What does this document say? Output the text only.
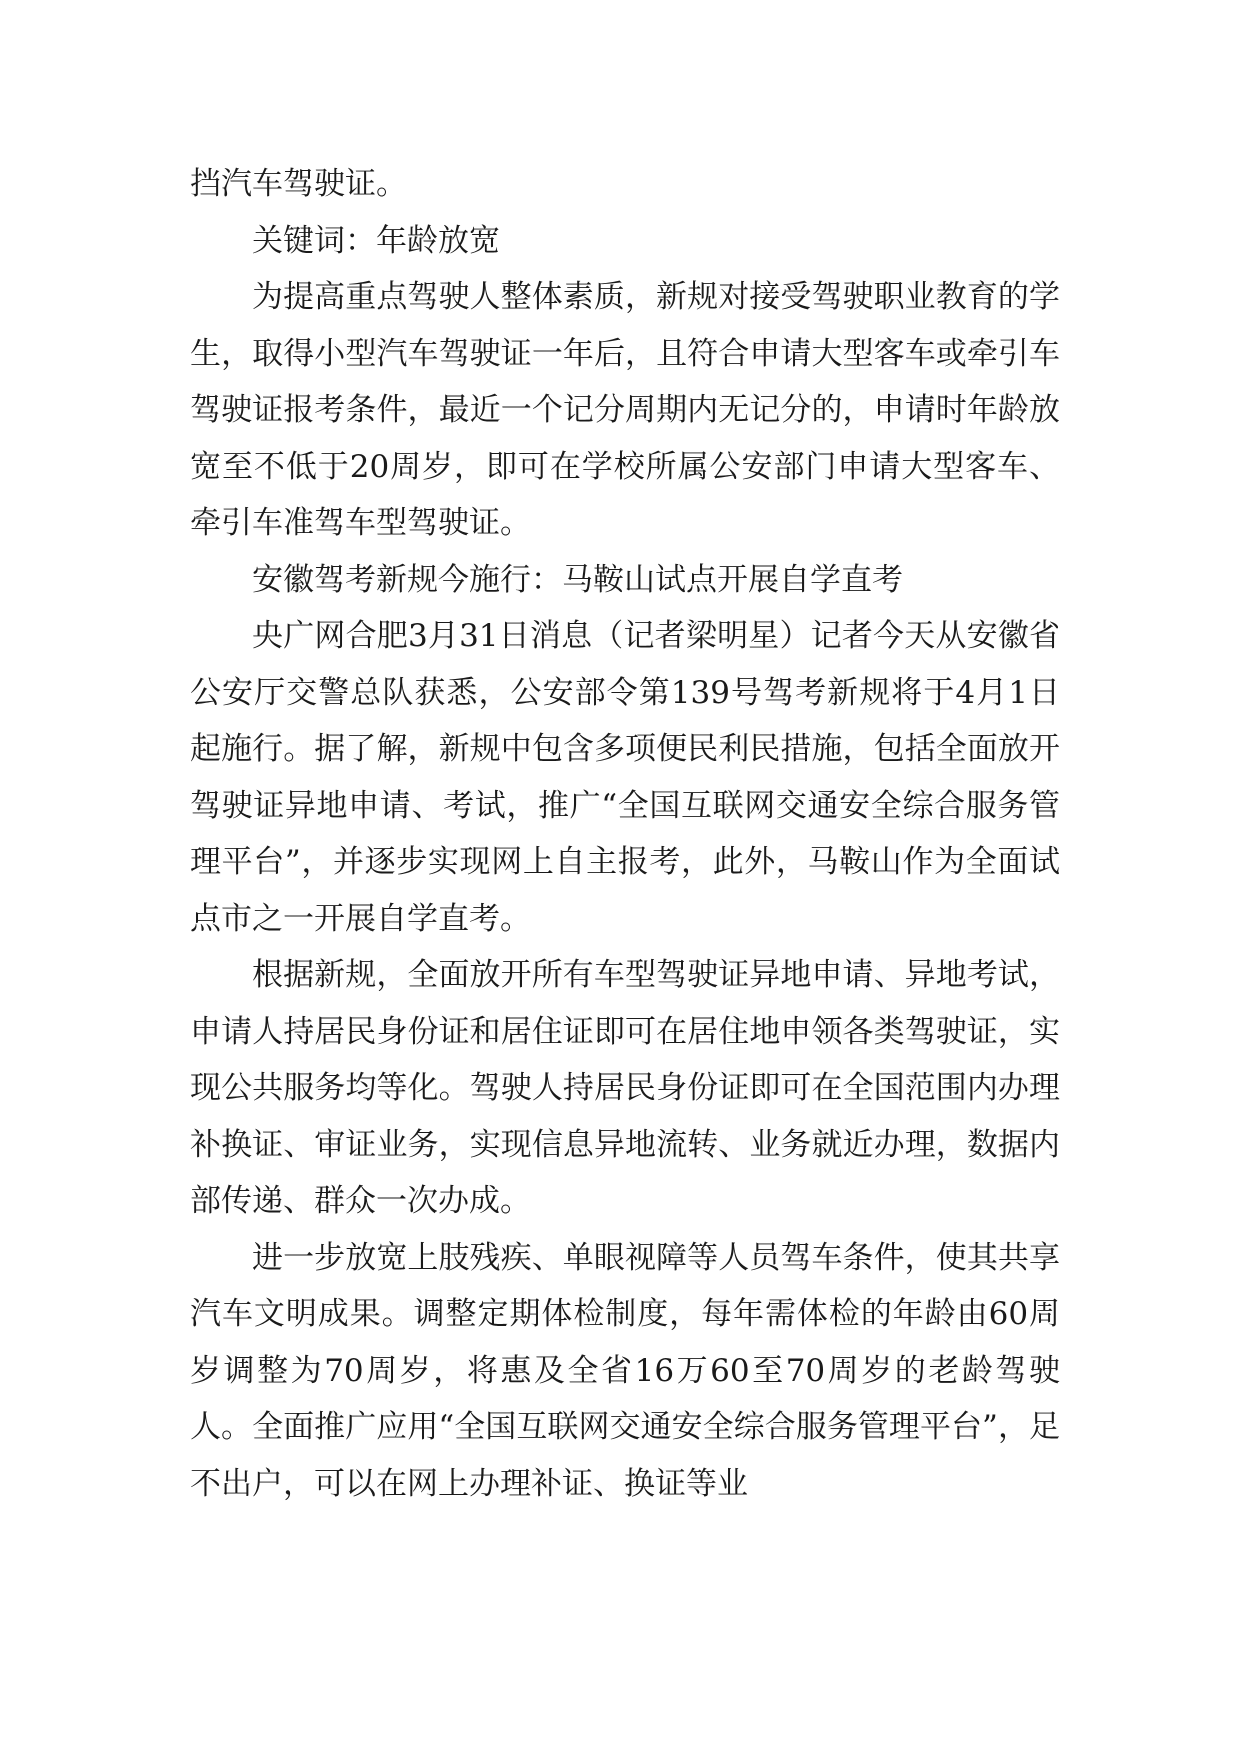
挡汽车驾驶证。

关键词：年龄放宽

为提高重点驾驶人整体素质，新规对接受驾驶职业教育的学生，取得小型汽车驾驶证一年后，且符合申请大型客车或牵引车驾驶证报考条件，最近一个记分周期内无记分的，申请时年龄放宽至不低于20周岁，即可在学校所属公安部门申请大型客车、牵引车准驾车型驾驶证。

安徽驾考新规今施行：马鞍山试点开展自学直考

央广网合肥3月31日消息（记者梁明星）记者今天从安徽省公安厅交警总队获悉，公安部令第139号驾考新规将于4月1日起施行。据了解，新规中包含多项便民利民措施，包括全面放开驾驶证异地申请、考试，推广“全国互联网交通安全综合服务管理平台”，并逐步实现网上自主报考，此外，马鞍山作为全面试点市之一开展自学直考。

根据新规，全面放开所有车型驾驶证异地申请、异地考试，申请人持居民身份证和居住证即可在居住地申领各类驾驶证，实现公共服务均等化。驾驶人持居民身份证即可在全国范围内办理补换证、审证业务，实现信息异地流转、业务就近办理，数据内部传递、群众一次办成。

进一步放宽上肢残疾、单眼视障等人员驾车条件，使其共享汽车文明成果。调整定期体检制度，每年需体检的年龄由60周岁调整为70周岁，将惠及全省16万60至70周岁的老龄驾驶人。全面推广应用“全国互联网交通安全综合服务管理平台”，足不出户，可以在网上办理补证、换证等业
